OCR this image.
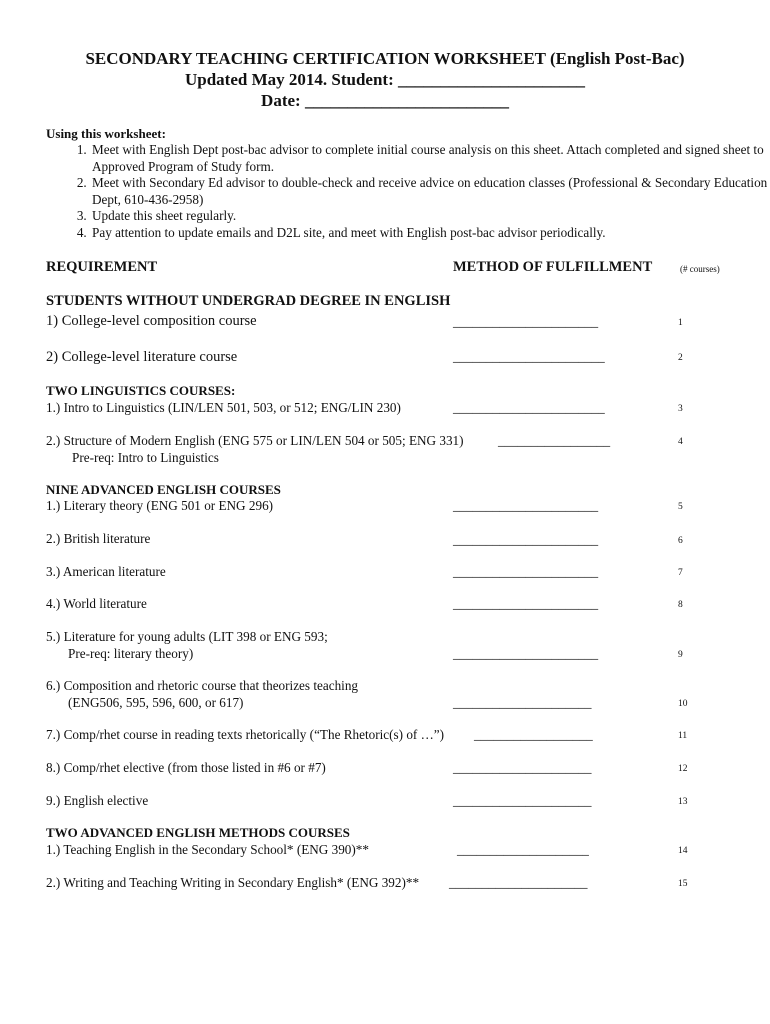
SECONDARY TEACHING CERTIFICATION WORKSHEET (English Post-Bac)
Updated May 2014. Student: ______________________
Date: ________________________
Using this worksheet:
1. Meet with English Dept post-bac advisor to complete initial course analysis on this sheet. Attach completed and signed sheet to Approved Program of Study form.
2. Meet with Secondary Ed advisor to double-check and receive advice on education classes (Professional & Secondary Education Dept, 610-436-2958)
3. Update this sheet regularly.
4. Pay attention to update emails and D2L site, and meet with English post-bac advisor periodically.
REQUIREMENT	METHOD OF FULFILLMENT	(# courses)
STUDENTS WITHOUT UNDERGRAD DEGREE IN ENGLISH
1) College-level composition course	______________________	1
2) College-level literature course	_______________________	2
TWO LINGUISTICS COURSES:
1.) Intro to Linguistics (LIN/LEN 501, 503, or 512; ENG/LIN 230)	_______________________	3
2.) Structure of Modern English (ENG 575 or LIN/LEN 504 or 505; ENG 331)	_________________	4
Pre-req: Intro to Linguistics
NINE ADVANCED ENGLISH COURSES
1.) Literary theory (ENG 501 or ENG 296)	______________________	5
2.) British literature	______________________	6
3.) American literature	______________________	7
4.) World literature	______________________	8
5.) Literature for young adults (LIT 398 or ENG 593;
Pre-req: literary theory)	______________________	9
6.) Composition and rhetoric course that theorizes teaching
(ENG506, 595, 596, 600, or 617)	_____________________	10
7.) Comp/rhet course in reading texts rhetorically (“The Rhetoric(s) of …”) __________________	11
8.) Comp/rhet elective (from those listed in #6 or #7)	_____________________	12
9.) English elective	_____________________	13
TWO ADVANCED ENGLISH METHODS COURSES
1.) Teaching English in the Secondary School* (ENG 390)**	____________________	14
2.) Writing and Teaching Writing in Secondary English* (ENG 392)** _____________________	15
